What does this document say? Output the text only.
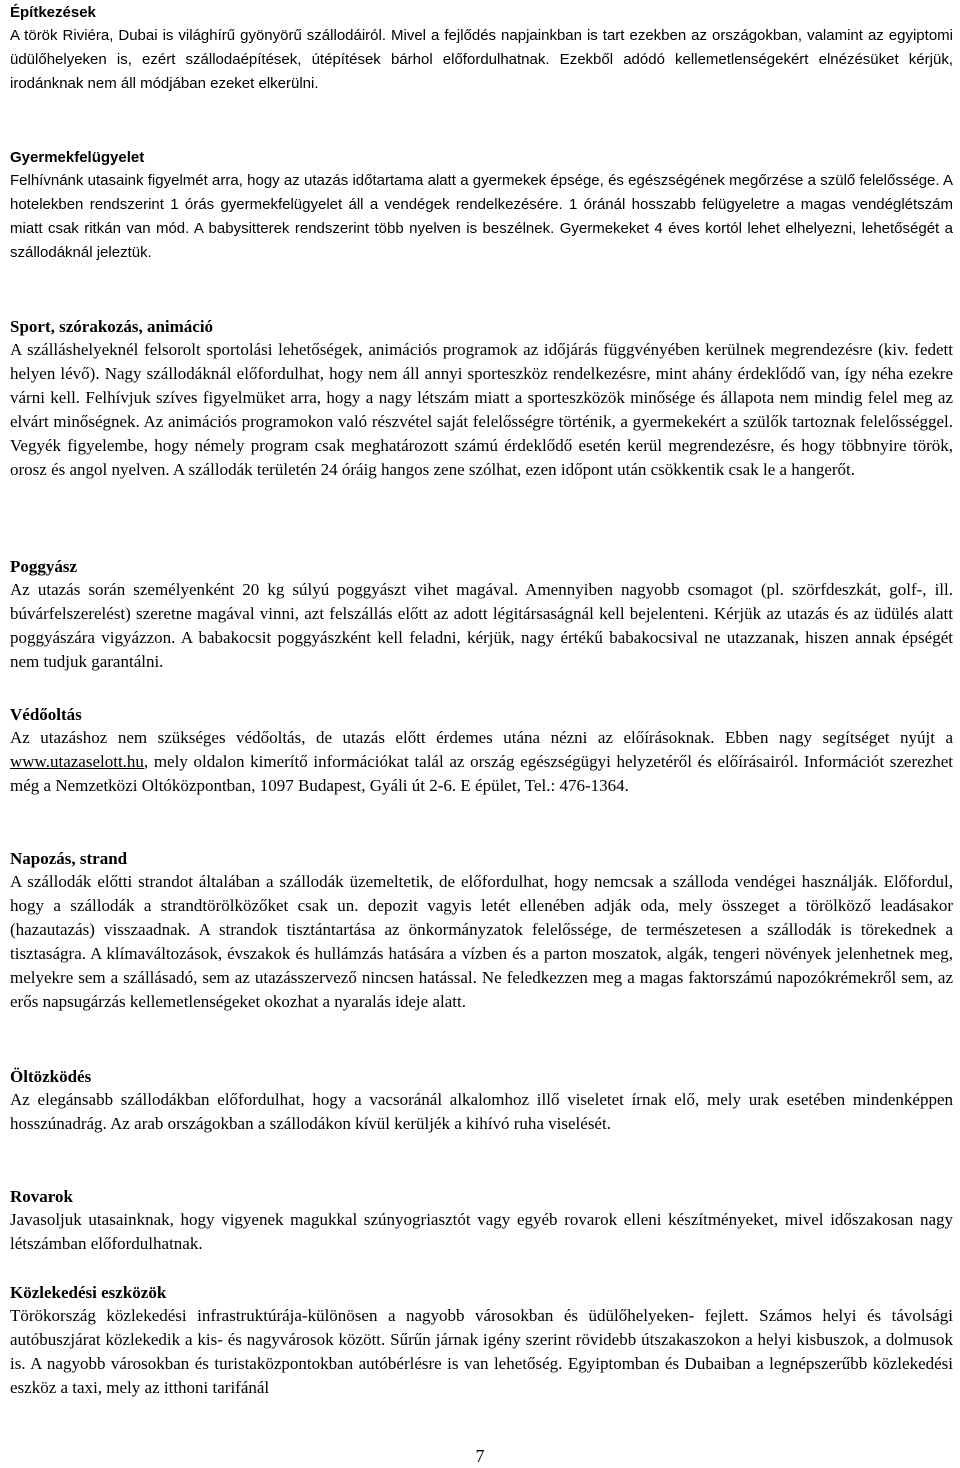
Építkezések

A török Riviéra, Dubai is világhírű gyönyörű szállodáiról. Mivel a fejlődés napjainkban is tart ezekben az országokban, valamint az egyiptomi üdülőhelyeken is, ezért szállodaépítések, útépítések bárhol előfordulhatnak. Ezekből adódó kellemetlenségekért elnézésüket kérjük, irodánknak nem áll módjában ezeket elkerülni.

Gyermekfelügyelet

Felhívnánk utasaink figyelmét arra, hogy az utazás időtartama alatt a gyermekek épsége, és egészségének megőrzése a szülő felelőssége. A hotelekben rendszerint 1 órás gyermekfelügyelet áll a vendégek rendelkezésére. 1 óránál hosszabb felügyeletre a magas vendéglétszám miatt csak ritkán van mód. A babysitterek rendszerint több nyelven is beszélnek. Gyermekeket 4 éves kortól lehet elhelyezni, lehetőségét a szállodáknál jeleztük.

Sport, szórakozás, animáció

A szálláshelyeknél felsorolt sportolási lehetőségek, animációs programok az időjárás függvényében kerülnek megrendezésre (kiv. fedett helyen lévő). Nagy szállodáknál előfordulhat, hogy nem áll annyi sporteszköz rendelkezésre, mint ahány érdeklődő van, így néha ezekre várni kell. Felhívjuk szíves figyelmüket arra, hogy a nagy létszám miatt a sporteszközök minősége és állapota nem mindig felel meg az elvárt minőségnek. Az animációs programokon való részvétel saját felelősségre történik, a gyermekekért a szülők tartoznak felelősséggel. Vegyék figyelembe, hogy némely program csak meghatározott számú érdeklődő esetén kerül megrendezésre, és hogy többnyire török, orosz és angol nyelven. A szállodák területén 24 óráig hangos zene szólhat, ezen időpont után csökkentik csak le a hangerőt.

Poggyász

Az utazás során személyenként 20 kg súlyú poggyászt vihet magával. Amennyiben nagyobb csomagot (pl. szörfdeszkát, golf-, ill. búvárfelszerelést) szeretne magával vinni, azt felszállás előtt az adott légitársaságnál kell bejelenteni. Kérjük az utazás és az üdülés alatt poggyászára vigyázzon. A babakocsit poggyászként kell feladni, kérjük, nagy értékű babakocsival ne utazzanak, hiszen annak épségét nem tudjuk garantálni.

Védőoltás

Az utazáshoz nem szükséges védőoltás, de utazás előtt érdemes utána nézni az előírásoknak. Ebben nagy segítséget nyújt a www.utazaselott.hu, mely oldalon kimerítő információkat talál az ország egészségügyi helyzetéről és előírásairól. Információt szerezhet még a Nemzetközi Oltóközpontban, 1097 Budapest, Gyáli út 2-6. E épület, Tel.: 476-1364.

Napozás, strand

A szállodák előtti strandot általában a szállodák üzemeltetik, de előfordulhat, hogy nemcsak a szálloda vendégei használják. Előfordul, hogy a szállodák a strandtörölközőket csak un. depozit vagyis letét ellenében adják oda, mely összeget a törölköző leadásakor (hazautazás) visszaadnak. A strandok tisztántartása az önkormányzatok felelőssége, de természetesen a szállodák is törekednek a tisztaságra. A klímaváltozások, évszakok és hullámzás hatására a vízben és a parton moszatok, algák, tengeri növények jelenhetnek meg, melyekre sem a szállásadó, sem az utazásszervező nincsen hatással. Ne feledkezzen meg a magas faktorszámú napozókrémekről sem, az erős napsugárzás kellemetlenségeket okozhat a nyaralás ideje alatt.

Öltözködés

Az elegánsabb szállodákban előfordulhat, hogy a vacsoránál alkalomhoz illő viseletet írnak elő, mely urak esetében mindenképpen hosszúnadrág. Az arab országokban a szállodákon kívül kerüljék a kihívó ruha viselését.

Rovarok

Javasoljuk utasainknak, hogy vigyenek magukkal szúnyogriasztót vagy egyéb rovarok elleni készítményeket, mivel időszakosan nagy létszámban előfordulhatnak.

Közlekedési eszközök

Törökország közlekedési infrastruktúrája-különösen a nagyobb városokban és üdülőhelyeken- fejlett. Számos helyi és távolsági autóbuszjárat közlekedik a kis- és nagyvárosok között. Sűrűn járnak igény szerint rövidebb útszakaszokon a helyi kisbuszok, a dolmusok is. A nagyobb városokban és turistaközpontokban autóbérlésre is van lehetőség. Egyiptomban és Dubaiban a legnépszerűbb közlekedési eszköz a taxi, mely az itthoni tarifánál

7
